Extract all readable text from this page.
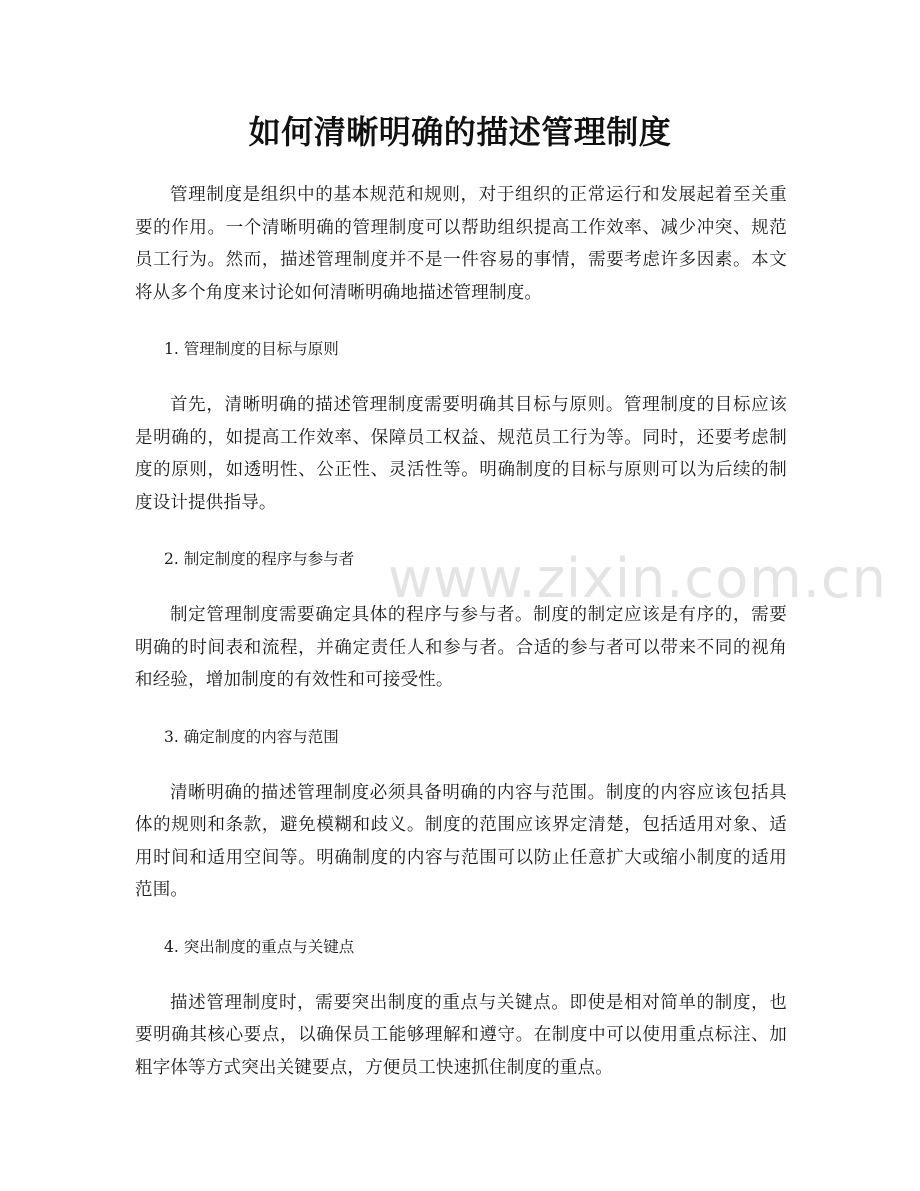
如何清晰明确的描述管理制度

管理制度是组织中的基本规范和规则，对于组织的正常运行和发展起着至关重要的作用。一个清晰明确的管理制度可以帮助组织提高工作效率、减少冲突、规范员工行为。然而，描述管理制度并不是一件容易的事情，需要考虑许多因素。本文将从多个角度来讨论如何清晰明确地描述管理制度。

1. 管理制度的目标与原则

首先，清晰明确的描述管理制度需要明确其目标与原则。管理制度的目标应该是明确的，如提高工作效率、保障员工权益、规范员工行为等。同时，还要考虑制度的原则，如透明性、公正性、灵活性等。明确制度的目标与原则可以为后续的制度设计提供指导。

2. 制定制度的程序与参与者

制定管理制度需要确定具体的程序与参与者。制度的制定应该是有序的，需要明确的时间表和流程，并确定责任人和参与者。合适的参与者可以带来不同的视角和经验，增加制度的有效性和可接受性。

3. 确定制度的内容与范围

清晰明确的描述管理制度必须具备明确的内容与范围。制度的内容应该包括具体的规则和条款，避免模糊和歧义。制度的范围应该界定清楚，包括适用对象、适用时间和适用空间等。明确制度的内容与范围可以防止任意扩大或缩小制度的适用范围。

4. 突出制度的重点与关键点

描述管理制度时，需要突出制度的重点与关键点。即使是相对简单的制度，也要明确其核心要点，以确保员工能够理解和遵守。在制度中可以使用重点标注、加粗字体等方式突出关键要点，方便员工快速抓住制度的重点。

www.zixin.com.cn
